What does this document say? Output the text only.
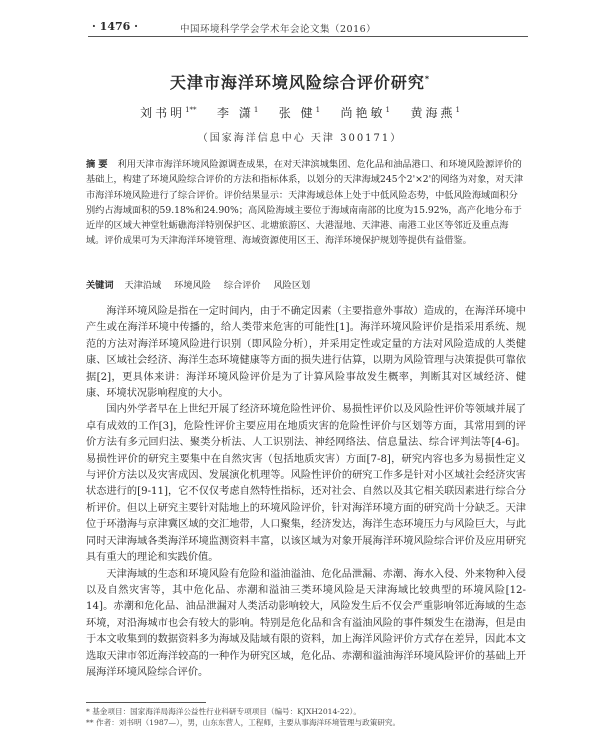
· 1476 ·	中国环境科学学会学术年会论文集（2016）
天津市海洋环境风险综合评价研究*
刘书明$^{1**}$ 李 潇$^1$ 张 健$^1$ 尚艳敏$^1$ 黄海燕$^1$
（国家海洋信息中心 天津 300171）
摘 要 利用天津市海洋环境风险源调查成果，在对天津滨城集团、危化品和油品港口、和环境风险源评价的基础上，构建了环境风险综合评价的方法和指标体系，以划分的天津海域245个2'×2'的网络为对象，对天津市海洋环境风险进行了综合评价。评价结果显示：天津海域总体上处于中低风险态势，中低风险海域面积分别约占海域面积的59.18%和24.90%；高风险海域主要位于海域南南部的比度为15.92%，高产化地分布于近岸的区域大神堂牡蛎礁海洋特别保护区、北塘旅游区、大港湿地、天津港、南港工业区等邻近及重点海域。评价成果可为天津海洋环境管理、海域资源使用区王、海洋环境保护规划等提供有益借鉴。
关键词 天津沿域 环境风险 综合评价 风险区划

海洋环境风险是指在一定时间内，由于不确定因素（主要指意外事故）造成的，在海洋环境中产生或在海洋环境中传播的，给人类带来危害的可能性[1]。海洋环境风险评价是指采用系统、规范的方法对海洋环境风险进行识别（即风险分析），并采用定性或定量的方法对风险造成的人类健康、区域社会经济、海洋生态环境健康等方面的损失进行估算，以期为风险管理与决策提供可靠依据[2]，更具体来讲：海洋环境风险评价是为了计算风险事故发生概率，判断其对区域经济、健康、环境状况影响程度的大小。

国内外学者早在上世纪开展了经济环境危险性评价、易损性评价以及风险性评价等领域并展了卓有成效的工作[3]，危险性评价主要应用在地质灾害的危险性评价与区划等方面，其常用到的评价方法有多元回归法、聚类分析法、人工识别法、神经网络法、信息量法、综合评判法等[4-6]。易损性评价的研究主要集中在自然灾害（包括地质灾害）方面[7-8]，研究内容也多为易损性定义与评价方法以及灾害成因、发展演化机理等。风险性评价的研究工作多是针对小区域社会经济灾害状态进行的[9-11]，它不仅仅考虑自然特性指标，还对社会、自然以及其它相关联因素进行综合分析评价。但以上研究主要针对陆地上的环境风险评价，针对海洋环境方面的研究尚十分缺乏。天津位于环渤海与京津冀区域的交汇地带，人口聚集，经济发达，海洋生态环境压力与风险巨大，与此同时天津海域各类海洋环境监测资料丰富，以该区域为对象开展海洋环境风险综合评价及应用研究具有重大的理论和实践价值。

天津海域的生态和环境风险有危险和溢油溢油、危化品泄漏、赤潮、海水入侵、外来物种入侵以及自然灾害等，其中危化品、赤潮和溢油三类环境风险是天津海域比较典型的环境风险[12-14]。赤潮和危化品、油品泄漏对人类活动影响较大，风险发生后不仅会严重影响邻近海域的生态环境，对沿海城市也会有较大的影响。特别是危化品和含有溢油风险的事件频发生在渤海，但是由于本文收集到的数据资料多为海域及陆域有限的资料，加上海洋风险评价方式存在差异，因此本文选取天津市邻近海洋较高的一种作为研究区域，危化品、赤潮和溢油海洋环境风险评价的基础上开展海洋环境风险综合评价。

* 基金项目：国家海洋局海洋公益性行业科研专项项目（编号：KJXH2014-22）。
** 作者：刘书明（1987—），男，山东东营人，工程师，主要从事海洋环境管理与政策研究。
